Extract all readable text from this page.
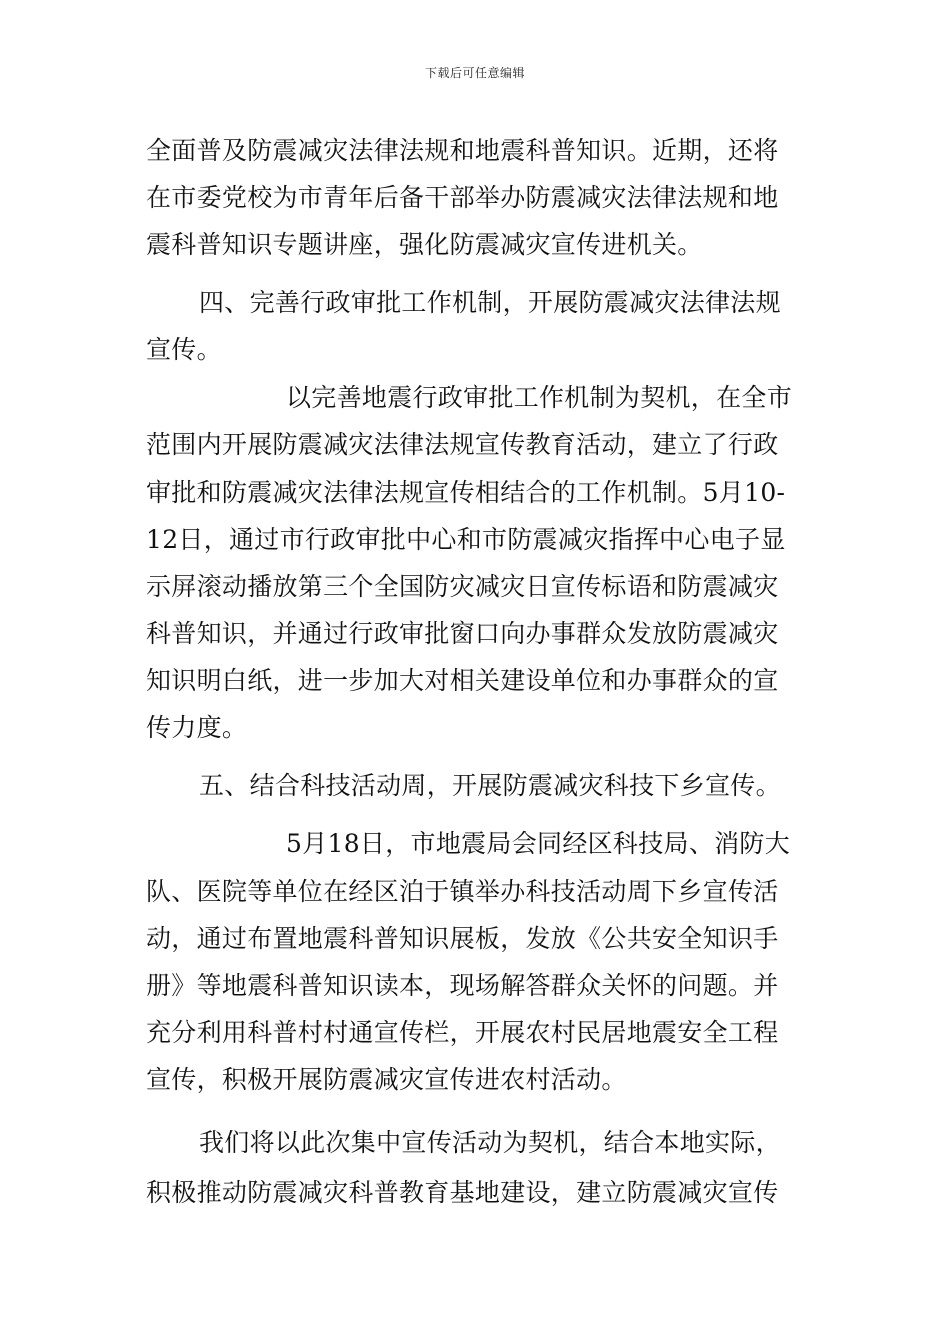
下载后可任意编辑
全面普及防震减灾法律法规和地震科普知识。近期，还将
在市委党校为市青年后备干部举办防震减灾法律法规和地
震科普知识专题讲座，强化防震减灾宣传进机关。
四、完善行政审批工作机制，开展防震减灾法律法规
宣传。
以完善地震行政审批工作机制为契机，在全市
范围内开展防震减灾法律法规宣传教育活动，建立了行政
审批和防震减灾法律法规宣传相结合的工作机制。5月10-
12日，通过市行政审批中心和市防震减灾指挥中心电子显
示屏滚动播放第三个全国防灾减灾日宣传标语和防震减灾
科普知识，并通过行政审批窗口向办事群众发放防震减灾
知识明白纸，进一步加大对相关建设单位和办事群众的宣
传力度。
五、结合科技活动周，开展防震减灾科技下乡宣传。
5月18日，市地震局会同经区科技局、消防大
队、医院等单位在经区泊于镇举办科技活动周下乡宣传活
动，通过布置地震科普知识展板，发放《公共安全知识手
册》等地震科普知识读本，现场解答群众关怀的问题。并
充分利用科普村村通宣传栏，开展农村民居地震安全工程
宣传，积极开展防震减灾宣传进农村活动。
我们将以此次集中宣传活动为契机，结合本地实际，
积极推动防震减灾科普教育基地建设，建立防震减灾宣传
